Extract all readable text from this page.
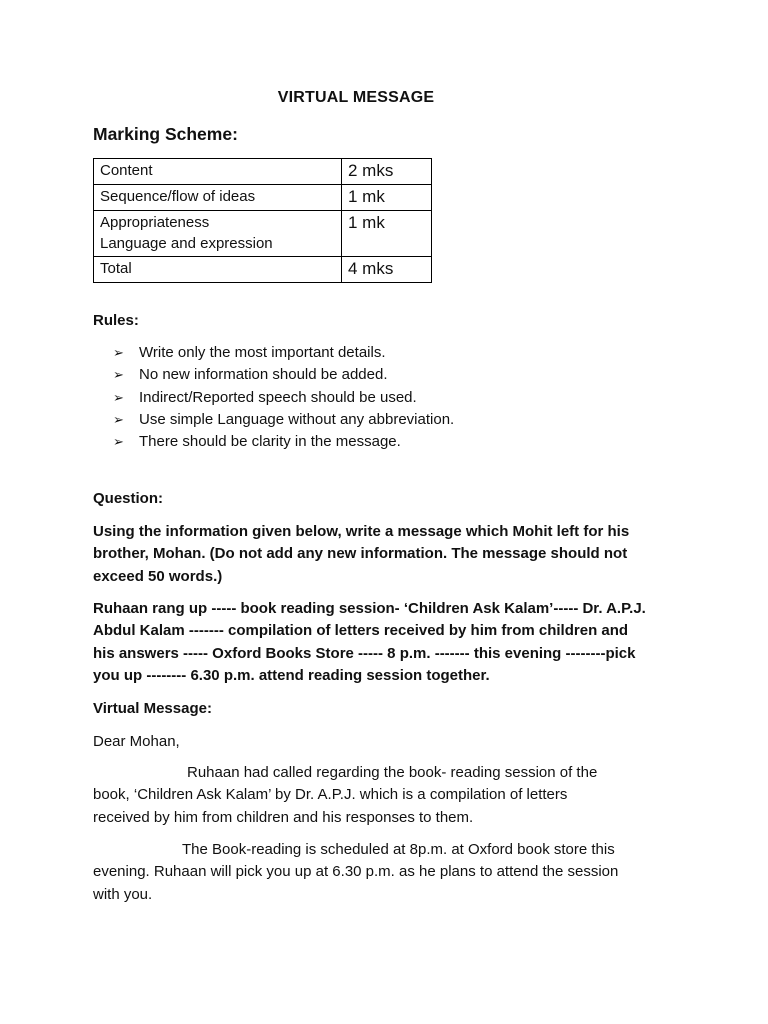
VIRTUAL MESSAGE
Marking Scheme:
Content	2 mks

Sequence/flow of ideas	1 mk

Appropriateness
Language and expression	1 mk

Total	4 mks
Rules:
➢ Write only the most important details.
➢ No new information should be added.
➢ Indirect/Reported speech should be used.
➢ Use simple Language without any abbreviation.
➢ There should be clarity in the message.
Question:
Using the information given below, write a message which Mohit left for his
brother, Mohan. (Do not add any new information. The message should not
exceed 50 words.)
Ruhaan rang up ----- book reading session- ‘Children Ask Kalam’----- Dr. A.P.J.
Abdul Kalam ------- compilation of letters received by him from children and
his answers ----- Oxford Books Store ----- 8 p.m. ------- this evening --------pick
you up -------- 6.30 p.m. attend reading session together.
Virtual Message:
Dear Mohan,
Ruhaan had called regarding the book- reading session of the
book, ‘Children Ask Kalam’ by Dr. A.P.J. which is a compilation of letters
received by him from children and his responses to them.
The Book-reading is scheduled at 8p.m. at Oxford book store this
evening. Ruhaan will pick you up at 6.30 p.m. as he plans to attend the session
with you.
